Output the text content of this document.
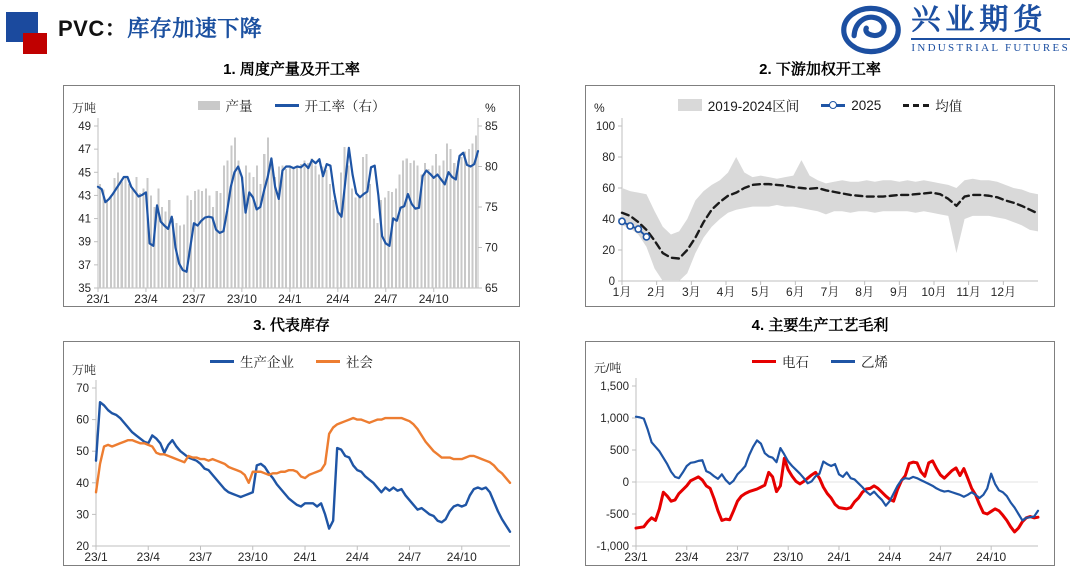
PVC：库存加速下降	兴业期货
INDUSTRIAL FUTURES
1. 周度产量及开工率
产量	开工率（右）
49
47
45
43
41
39
37
35
85
80
75
70
65
23/1 23/4 23/7 23/10 24/1 24/4 24/7 24/10
万吨	%
2. 下游加权开工率
2019-2024区间	2025	均值
100
80
60
40
20
0
1月 2月 3月 4月 5月 6月 7月 8月 9月 10月 11月 12月
%
3. 代表库存
生产企业	社会
70
60
50
40
30
20
23/1 23/4 23/7 23/10 24/1 24/4 24/7 24/10
万吨
4. 主要生产工艺毛利
电石	乙烯
1,500
1,000
500
0
-500
-1,000
23/1 23/4 23/7 23/10 24/1 24/4 24/7 24/10
元/吨
